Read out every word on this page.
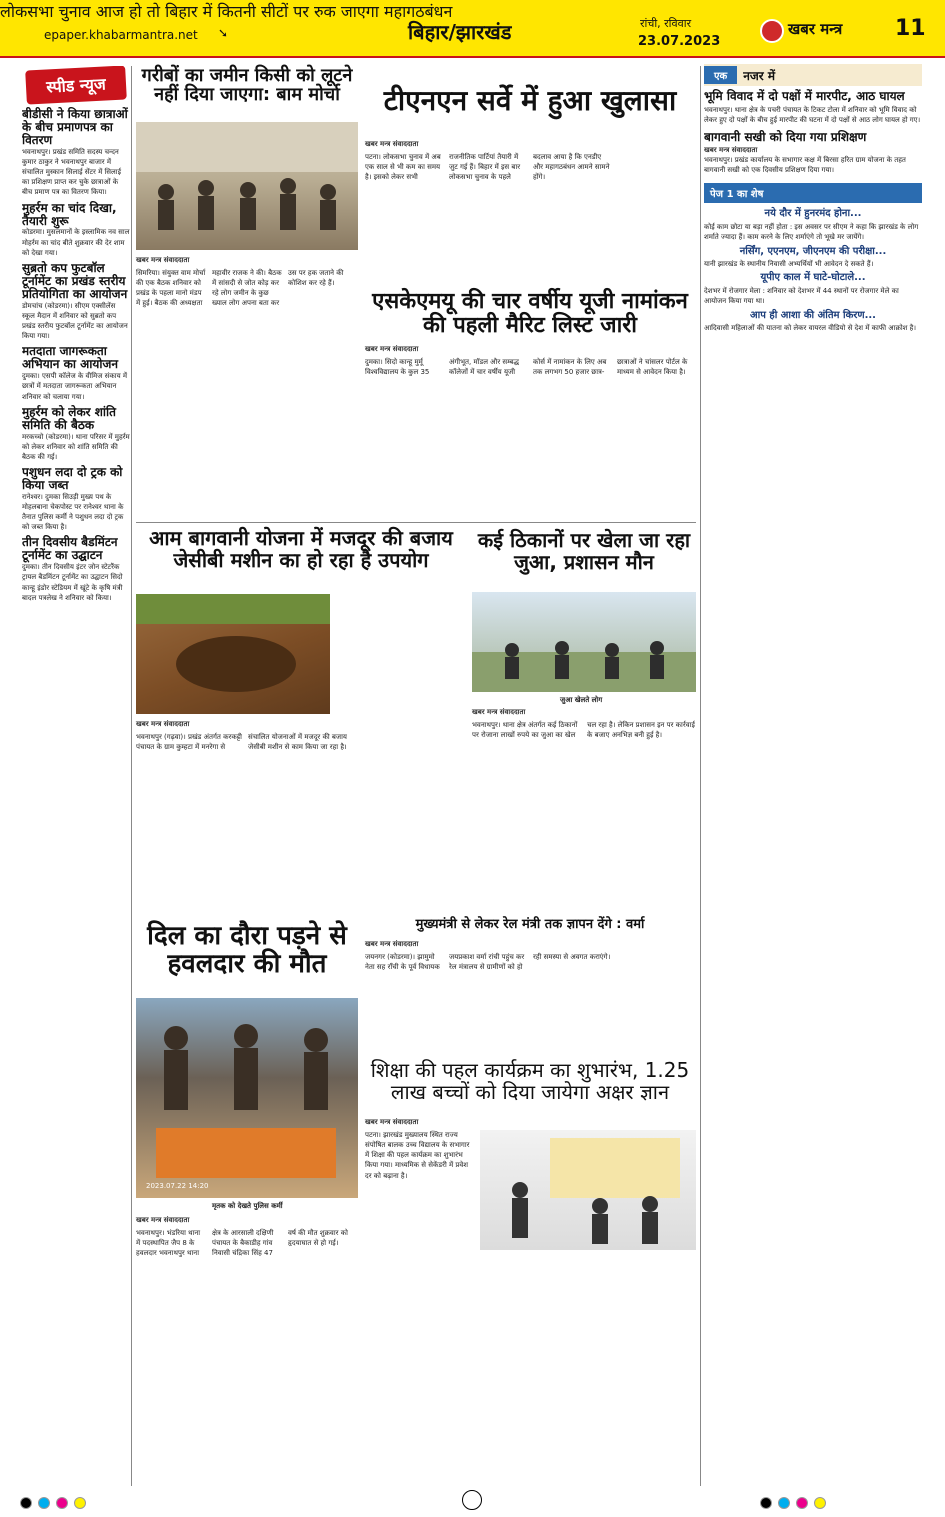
epaper.khabarmantra.net ➘	बिहार/झारखंड	रांची, रविवार
23.07.2023
खबर मन्त्र 11
लोकसभा चुनाव आज हो तो बिहार में कितनी सीटों पर रुक जाएगा महागठबंधन
स्पीड न्यूज
बीडीसी ने किया छात्राओं के बीच प्रमाणपत्र का वितरण
भवनाथपुर। प्रखंड समिति सदस्य चन्दन कुमार ठाकुर ने भवनाथपुर बाजार में संचालित मुस्कान सिलाई सेंटर में सिलाई का प्रशिक्षण प्राप्त कर चुके छात्राओं के बीच प्रमाण पत्र का वितरण किया।
मुहर्रम का चांद दिखा, तैयारी शुरू
कोडरमा। मुसलमानों के इस्लामिक नव साल मोहर्रम का चांद बीते शुक्रवार की देर शाम को देखा गया।
सुब्रतो कप फुटबॉल टूर्नामेंट का प्रखंड स्तरीय प्रतियोगिता का आयोजन
डोमचांच (कोडरमा)। सीएम एक्सीलेंस स्कूल मैदान में शनिवार को सुब्रतो कप प्रखंड स्तरीय फुटबॉल टूर्नामेंट का आयोजन किया गया।
मतदाता जागरूकता अभियान का आयोजन
दुमका। एसपी कॉलेज के वीमिज संकाय में छात्रों में मतदाता जागरूकता अभियान शनिवार को चलाया गया।
मुहर्रम को लेकर शांति समिति की बैठक
मरकच्चो (कोडरमा)। थाना परिसर में मुहर्रम को लेकर शनिवार को शांति समिति की बैठक की गई।
पशुधन लदा दो ट्रक को किया जब्त
रानेश्वर। दुमका सिउड़ी मुख्य पथ के मोहलबाना चेकपोस्ट पर रानेश्वर थाना के तैनात पुलिस कर्मी ने पशुधन लदा दो ट्रक को जब्त किया है।
तीन दिवसीय बैडमिंटन टूर्नामेंट का उद्घाटन
दुमका। तीन दिवसीय इंटर जोन स्टेटरैंक ट्रायल बैडमिंटन टूर्नामेंट का उद्घाटन सिदो कान्हू इंडोर स्टेडियम में खूंटे के कृषि मंत्री बादल पत्रलेख ने शनिवार को किया।
गरीबों का जमीन किसी को लूटने नहीं दिया जाएगा: बाम मोर्चा
खबर मन्त्र संवाददाता
सिमरिया। संयुक्त वाम मोर्चा की एक बैठक शनिवार को प्रखंड के पहला मानो मंडप में हुई। बैठक की अध्यक्षता महावीर राजक ने की। बैठक में सांसदी से जोत कोड़ कर रहे लोग जमीन के कुछ ख्याल लोग अपना बता कर उस पर हक जताने की कोशिश कर रहे हैं।
टीएनएन सर्वे में हुआ खुलासा
खबर मन्त्र संवाददाता
पटना। लोकसभा चुनाव में अब एक साल से भी कम का समय है। इसको लेकर सभी राजनीतिक पार्टियां तैयारी में जुट गई हैं। बिहार में इस बार लोकसभा चुनाव के पहले बदलाव आया है कि एनडीए और महागठबंधन आमने सामने होंगे।
एसकेएमयू की चार वर्षीय यूजी नामांकन की पहली मैरिट लिस्ट जारी
खबर मन्त्र संवाददाता
दुमका। सिदो कान्हू मुर्मू विश्वविद्यालय के कुल 35 अंगीभूत, मॉडल और सम्बद्ध कॉलेजों में चार वर्षीय यूजी कोर्स में नामांकन के लिए अब तक लगभग 50 हजार छात्र-छात्राओं ने चांसलर पोर्टल के माध्यम से आवेदन किया है।
आम बागवानी योजना में मजदूर की बजाय जेसीबी मशीन का हो रहा है उपयोग
खबर मन्त्र संवाददाता
भवनाथपुर (गढ़वा)। प्रखंड अंतर्गत करकट्टी पंचायत के ग्राम कुम्हटा में मनरेगा से संचालित योजनाओं में मजदूर की बजाय जेसीबी मशीन से काम किया जा रहा है।
कई ठिकानों पर खेला जा रहा जुआ, प्रशासन मौन
जुआ खेलते लोग
खबर मन्त्र संवाददाता
भवनाथपुर। थाना क्षेत्र अंतर्गत कई ठिकानों पर रोजाना लाखों रुपये का जुआ का खेल चल रहा है। लेकिन प्रशासन इन पर कार्रवाई के बजाए अनभिज्ञ बनी हुई है।
मुख्यमंत्री से लेकर रेल मंत्री तक ज्ञापन देंगे : वर्मा
खबर मन्त्र संवाददाता
जयनगर (कोडरमा)। झामुमो नेता सह राँची के पूर्व विधायक जयप्रकाश वर्मा रांची पहुंच कर रेल मंत्रालय से ग्रामीणों को हो रही समस्या से अवगत कराएंगे।
दिल का दौरा पड़ने से हवलदार की मौत
2023.07.22 14:20
मृतक को देखते पुलिस कर्मी
खबर मन्त्र संवाददाता
भवनाथपुर। भंडरिया थाना में पदस्थापित जैप 8 के हवलदार भवनाथपुर थाना क्षेत्र के आरसाली दक्षिणी पंचायत के बैकाडीह गांव निवासी चंद्रिका सिंह 47 वर्ष की मौत शुक्रवार को हृदयाघात से हो गई।
शिक्षा की पहल कार्यक्रम का शुभारंभ, 1.25 लाख बच्चों को दिया जायेगा अक्षर ज्ञान
खबर मन्त्र संवाददाता
पटना। झारखंड मुख्यालय स्थित राज्य संपोषित बालक उच्च विद्यालय के सभागार में शिक्षा की पहल कार्यक्रम का शुभारंभ किया गया। माध्यमिक से सेकेंडरी में प्रवेश दर को बढ़ाना है।
एक	नजर में
भूमि विवाद में दो पक्षों में मारपीट, आठ घायल
भवनाथपुर। थाना क्षेत्र के पचरी पंचायत के टिकट टोला में शनिवार को भूमि विवाद को लेकर हुए दो पक्षों के बीच हुई मारपीट की घटना में दो पक्षों से आठ लोग घायल हो गए।
बागवानी सखी को दिया गया प्रशिक्षण
खबर मन्त्र संवाददाता
भवनाथपुर। प्रखंड कार्यालय के सभागार कक्ष में बिरसा हरित ग्राम योजना के तहत बागवानी सखी को एक दिवसीय प्रशिक्षण दिया गया।
पेज 1 का शेष
नये दौर में हुनरमंद होना...
कोई काम छोटा या बड़ा नहीं होता : इस अवसर पर सीएम ने कहा कि झारखंड के लोग शर्माते ज्यादा हैं। काम करने के लिए शर्माएंगे तो भूखे मर जायेंगे।
नर्सिंग, एएनएम, जीएनएम की परीक्षा...
यानी झारखंड के स्थानीय निवासी अभ्यर्थियों भी आवेदन दे सकते हैं।
यूपीए काल में घाटे-घोटाले...
देशभर में रोजगार मेला : शनिवार को देशभर में 44 स्थानों पर रोजगार मेले का आयोजन किया गया था।
आप ही आशा की अंतिम किरण...
आदिवासी महिलाओं की यातना को लेकर वायरल वीडियो से देश में काफी आक्रोश है।
